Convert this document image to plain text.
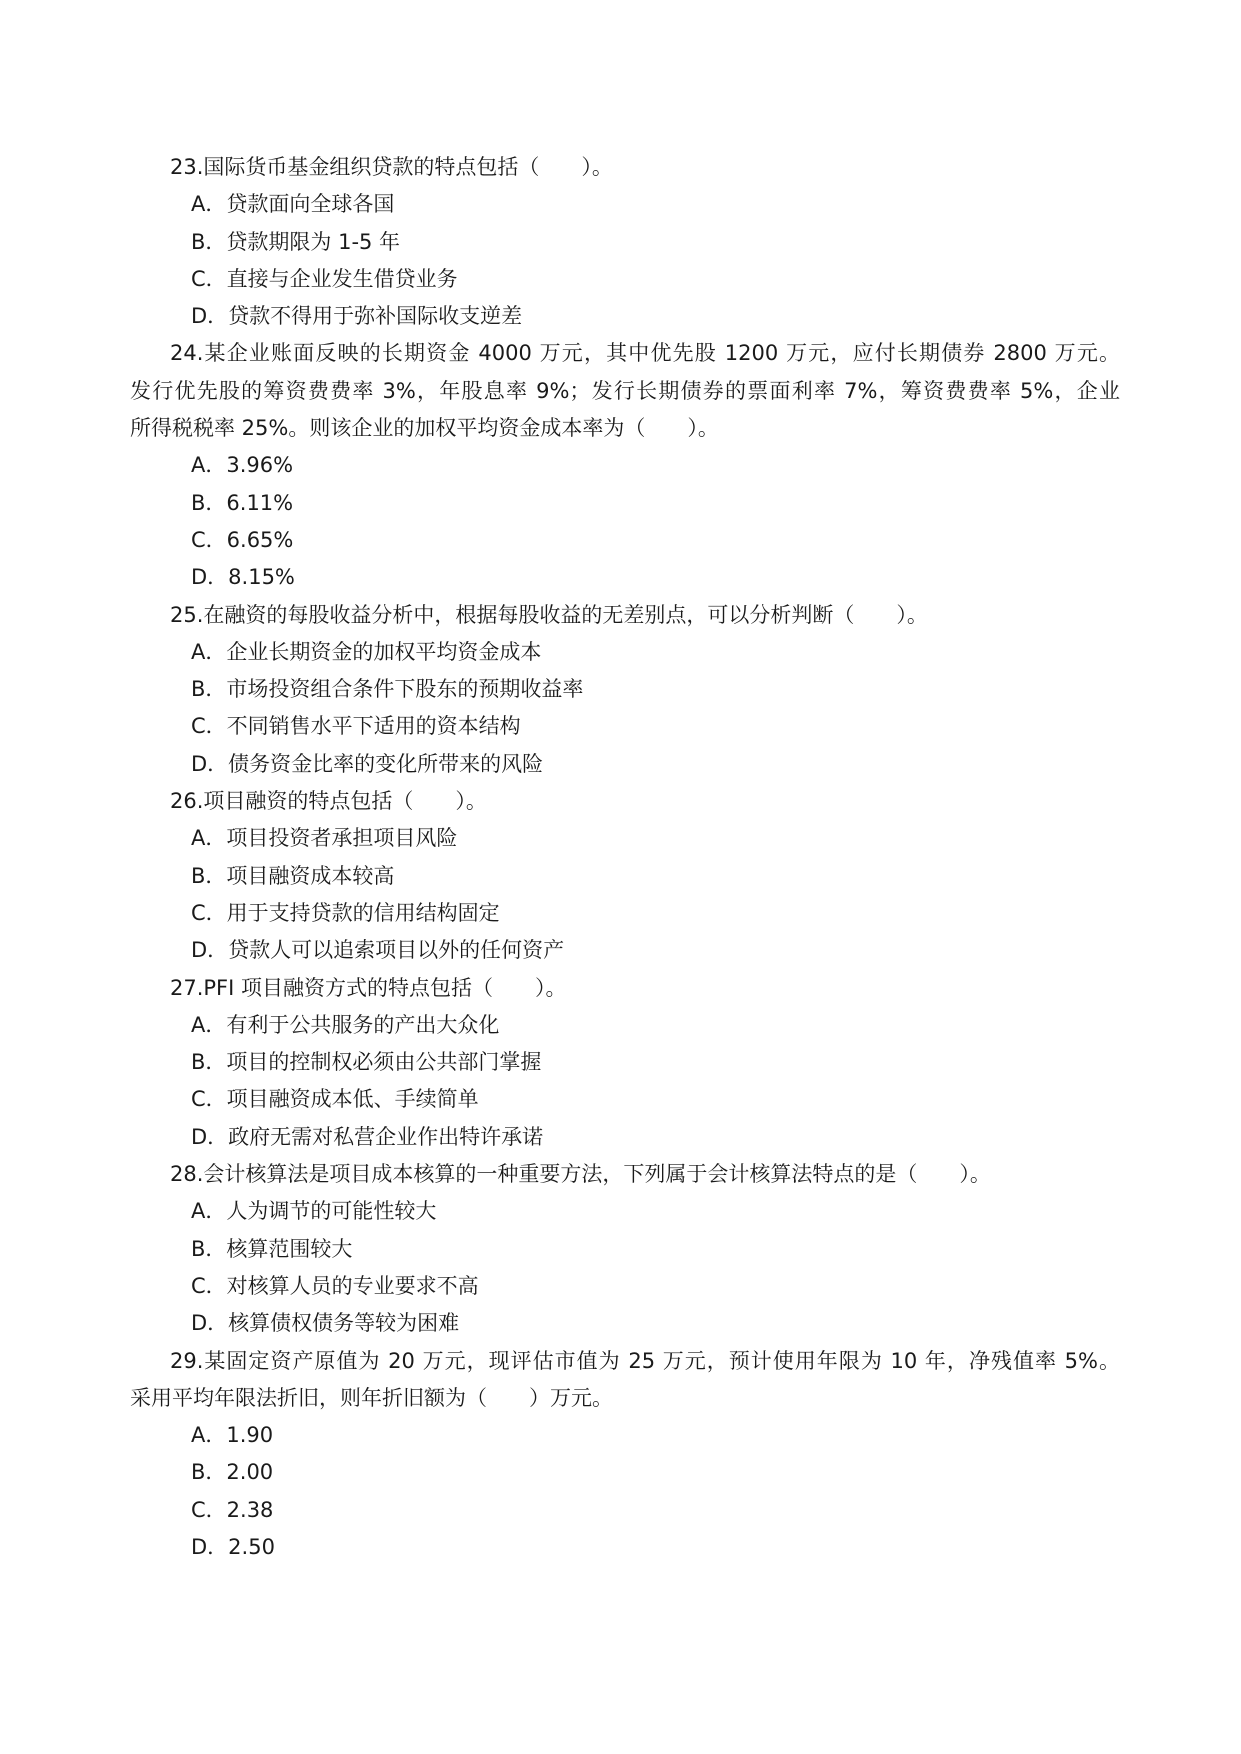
23.国际货币基金组织贷款的特点包括（　　）。
A．贷款面向全球各国
B．贷款期限为 1-5 年
C．直接与企业发生借贷业务
D．贷款不得用于弥补国际收支逆差
24.某企业账面反映的长期资金 4000 万元，其中优先股 1200 万元，应付长期债券 2800 万元。
发行优先股的筹资费费率 3%，年股息率 9%；发行长期债券的票面利率 7%，筹资费费率 5%，企业
所得税税率 25%。则该企业的加权平均资金成本率为（　　）。
A．3.96%
B．6.11%
C．6.65%
D．8.15%
25.在融资的每股收益分析中，根据每股收益的无差别点，可以分析判断（　　）。
A．企业长期资金的加权平均资金成本
B．市场投资组合条件下股东的预期收益率
C．不同销售水平下适用的资本结构
D．债务资金比率的变化所带来的风险
26.项目融资的特点包括（　　）。
A．项目投资者承担项目风险
B．项目融资成本较高
C．用于支持贷款的信用结构固定
D．贷款人可以追索项目以外的任何资产
27.PFI 项目融资方式的特点包括（　　）。
A．有利于公共服务的产出大众化
B．项目的控制权必须由公共部门掌握
C．项目融资成本低、手续简单
D．政府无需对私营企业作出特许承诺
28.会计核算法是项目成本核算的一种重要方法，下列属于会计核算法特点的是（　　）。
A．人为调节的可能性较大
B．核算范围较大
C．对核算人员的专业要求不高
D．核算债权债务等较为困难
29.某固定资产原值为 20 万元，现评估市值为 25 万元，预计使用年限为 10 年，净残值率 5%。
采用平均年限法折旧，则年折旧额为（　　）万元。
A．1.90
B．2.00
C．2.38
D．2.50
